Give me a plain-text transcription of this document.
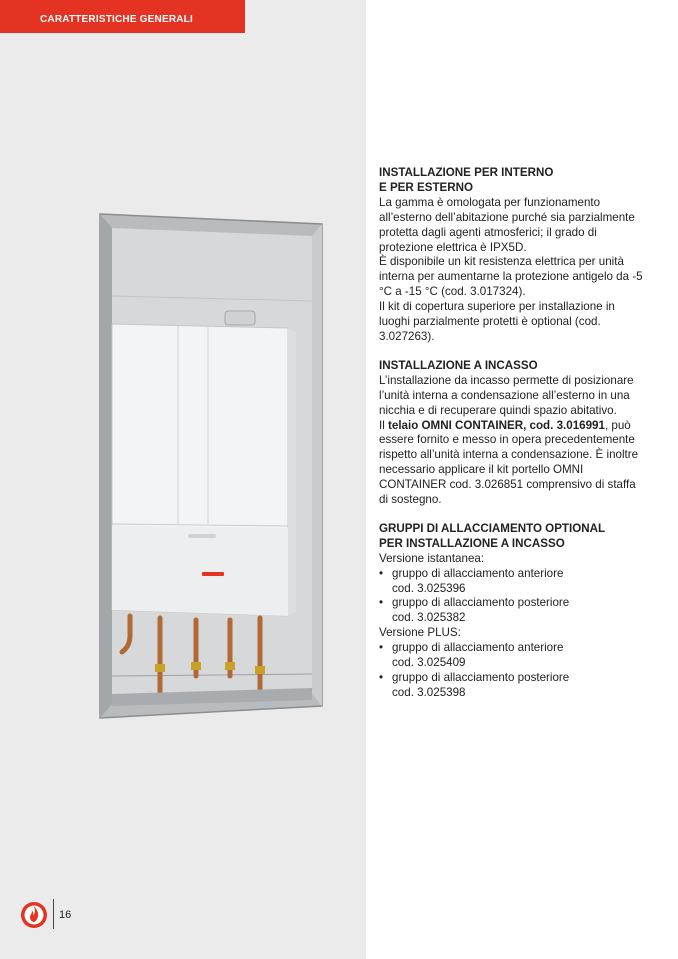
CARATTERISTICHE GENERALI
INSTALLAZIONE PER INTERNO
E PER ESTERNO

La gamma è omologata per funzionamento all’esterno dell’abitazione purché sia parzialmente protetta dagli agenti atmosferici; il grado di protezione elettrica è IPX5D.

È disponibile un kit resistenza elettrica per unità interna per aumentarne la protezione antigelo da -5 °C a -15 °C (cod. 3.017324).

Il kit di copertura superiore per installazione in luoghi parzialmente protetti è optional (cod. 3.027263).

INSTALLAZIONE A INCASSO

L’installazione da incasso permette di posizionare l’unità interna a condensazione all’esterno in una nicchia e di recuperare quindi spazio abitativo.

Il telaio OMNI CONTAINER, cod. 3.016991, può essere fornito e messo in opera precedentemente rispetto all’unità interna a condensazione. È inoltre necessario applicare il kit portello OMNI CONTAINER cod. 3.026851 comprensivo di staffa di sostegno.

GRUPPI DI ALLACCIAMENTO OPTIONAL
PER INSTALLAZIONE A INCASSO

Versione istantanea:

• gruppo di allacciamento anteriore
cod. 3.025396
• gruppo di allacciamento posteriore
cod. 3.025382

Versione PLUS:

• gruppo di allacciamento anteriore
cod. 3.025409
• gruppo di allacciamento posteriore
cod. 3.025398
16
